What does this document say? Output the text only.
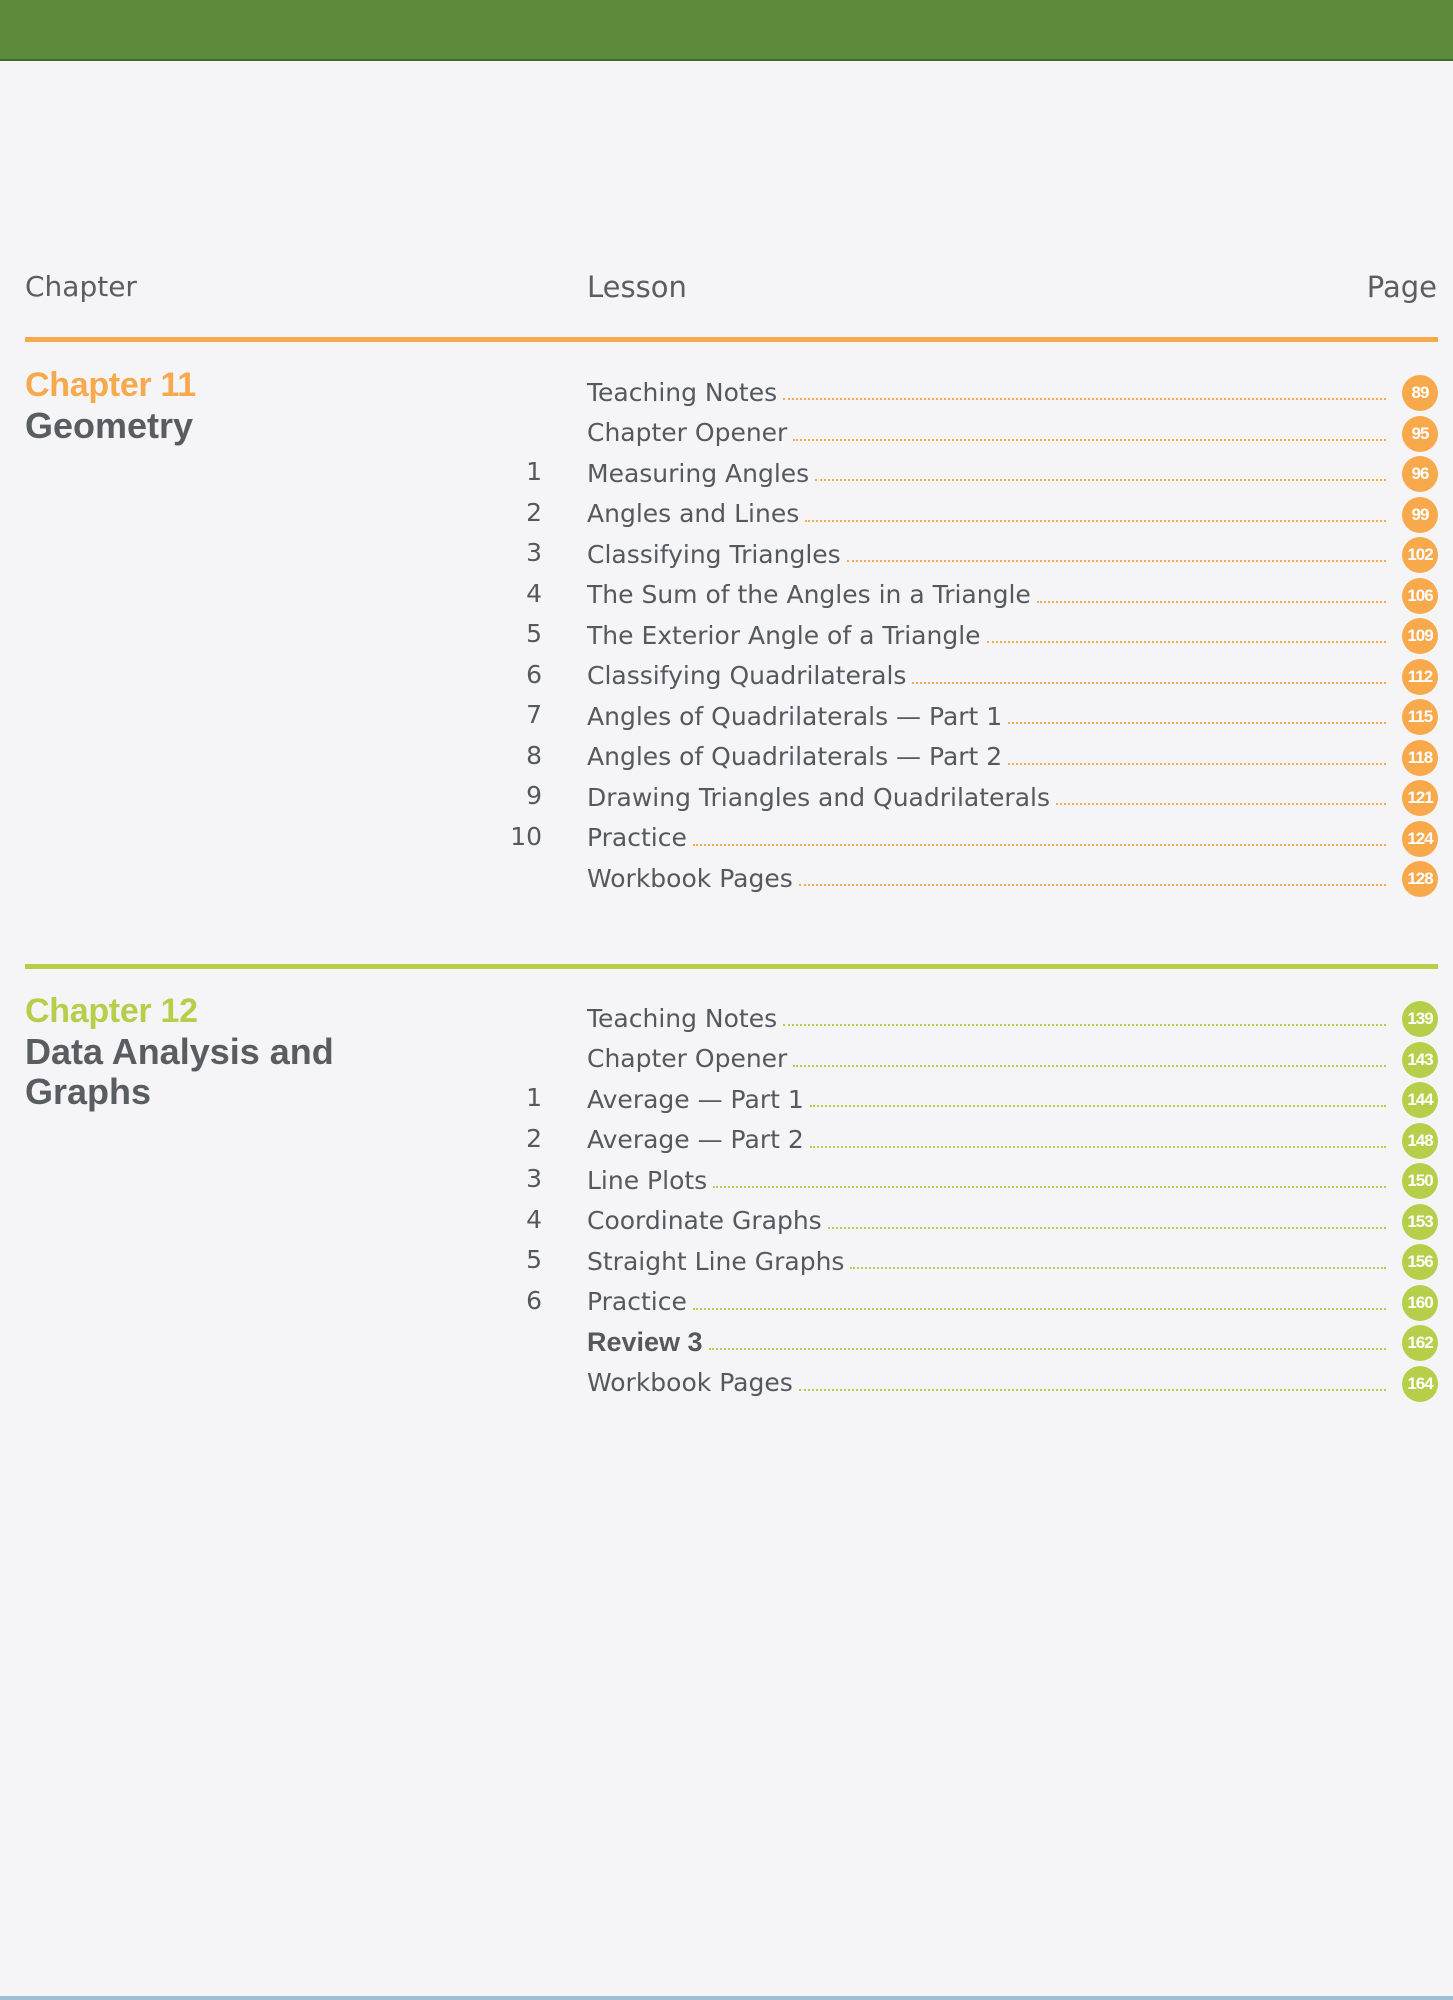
Chapter	Lesson	Page
Chapter 11
Geometry
Teaching Notes	89
Chapter Opener	95
1 Measuring Angles	96
2 Angles and Lines	99
3 Classifying Triangles	102
4 The Sum of the Angles in a Triangle	106
5 The Exterior Angle of a Triangle	109
6 Classifying Quadrilaterals	112
7 Angles of Quadrilaterals — Part 1	115
8 Angles of Quadrilaterals — Part 2	118
9 Drawing Triangles and Quadrilaterals	121
10 Practice	124
Workbook Pages	128
Chapter 12
Data Analysis and Graphs
Teaching Notes	139
Chapter Opener	143
1 Average — Part 1	144
2 Average — Part 2	148
3 Line Plots	150
4 Coordinate Graphs	153
5 Straight Line Graphs	156
6 Practice	160
Review 3	162
Workbook Pages	164
